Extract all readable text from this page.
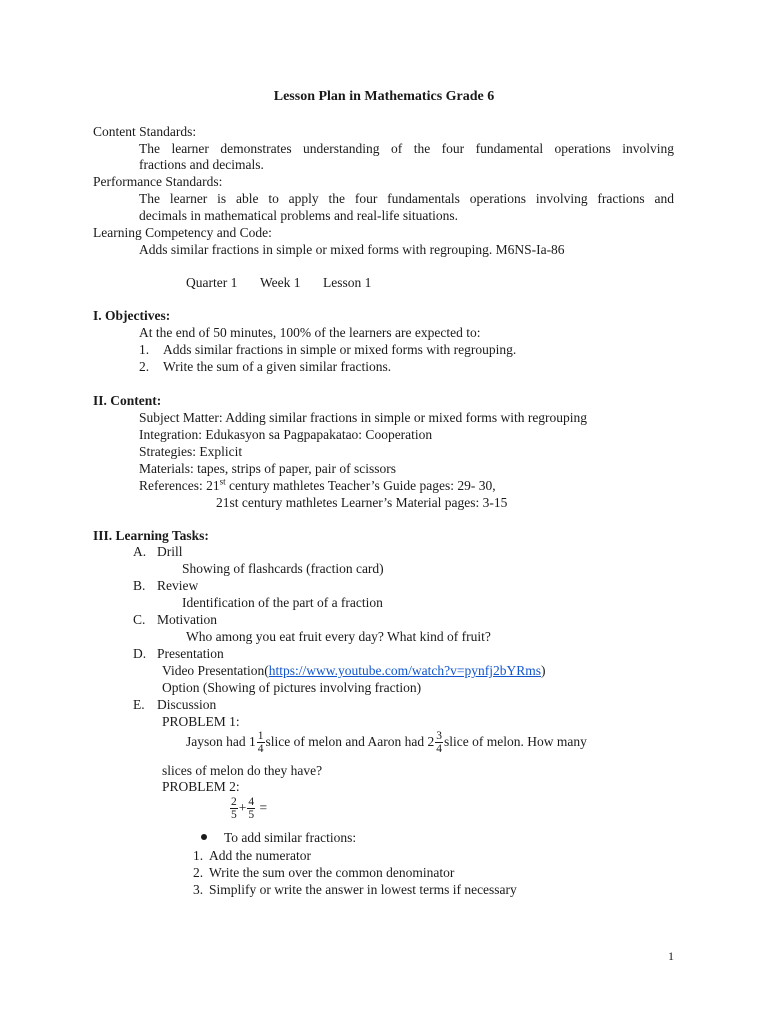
Lesson Plan in Mathematics Grade 6
Content Standards:
The learner demonstrates understanding of the four fundamental operations involving
fractions and decimals.
Performance Standards:
The learner is able to apply the four fundamentals operations involving fractions and
decimals in mathematical problems and real-life situations.
Learning Competency and Code:
Adds similar fractions in simple or mixed forms with regrouping. M6NS-Ia-86
Quarter 1 Week 1 Lesson 1
I. Objectives:
At the end of 50 minutes, 100% of the learners are expected to:
1. Adds similar fractions in simple or mixed forms with regrouping.
2. Write the sum of a given similar fractions.
II. Content:
Subject Matter: Adding similar fractions in simple or mixed forms with regrouping
Integration: Edukasyon sa Pagpapakatao: Cooperation
Strategies: Explicit
Materials: tapes, strips of paper, pair of scissors
References: 21st century mathletes Teacher’s Guide pages: 29- 30,
21st century mathletes Learner’s Material pages: 3-15
III. Learning Tasks:
A. Drill
Showing of flashcards (fraction card)
B. Review
Identification of the part of a fraction
C. Motivation
Who among you eat fruit every day? What kind of fruit?
D. Presentation
Video Presentation(https://www.youtube.com/watch?v=pynfj2bYRms)
Option (Showing of pictures involving fraction)
E. Discussion
PROBLEM 1:
Jayson had $1 \frac{1}{4}$ slice of melon and Aaron had $2 \frac{3}{4}$ slice of melon. How many
slices of melon do they have?
PROBLEM 2:
$\frac{2}{5} + \frac{4}{5}$ =
To add similar fractions:
1. Add the numerator
2. Write the sum over the common denominator
3. Simplify or write the answer in lowest terms if necessary
1
